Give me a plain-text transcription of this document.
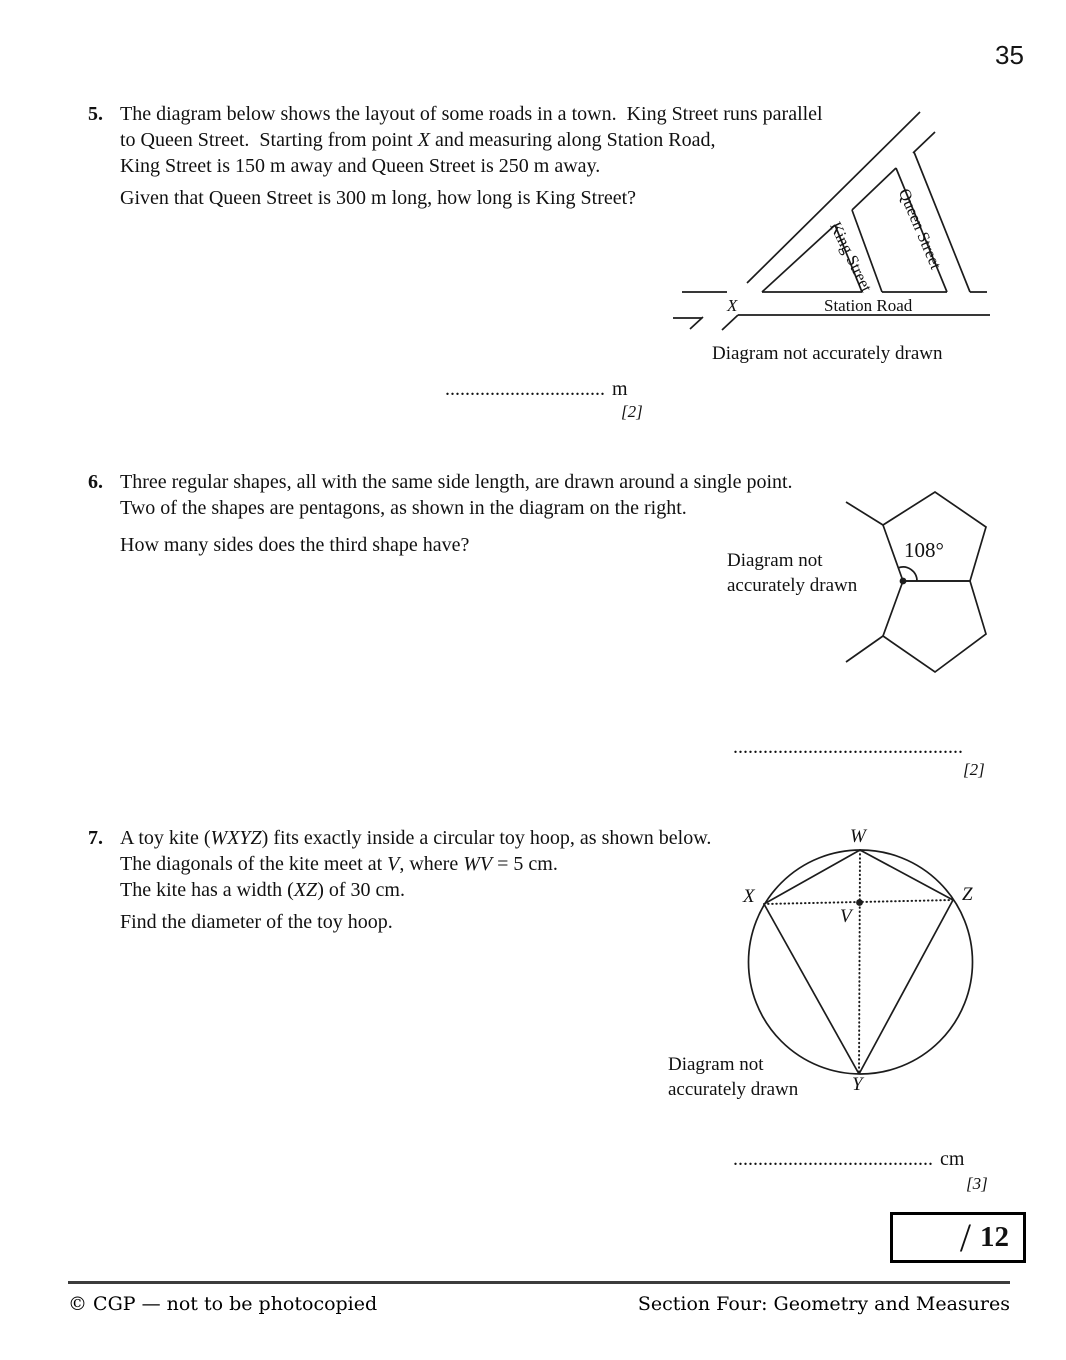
35
5. The diagram below shows the layout of some roads in a town.  King Street runs parallel
to Queen Street.  Starting from point X and measuring along Station Road,
King Street is 150 m away and Queen Street is 250 m away.
Given that Queen Street is 300 m long, how long is King Street?
X	Station Road
King Street Queen Street
Diagram not accurately drawn
................................ m
[2]
6. Three regular shapes, all with the same side length, are drawn around a single point.
Two of the shapes are pentagons, as shown in the diagram on the right.
How many sides does the third shape have?	108°
Diagram not
accurately drawn
..............................................
[2]
7. A toy kite (WXYZ) fits exactly inside a circular toy hoop, as shown below.
The diagonals of the kite meet at V, where WV = 5 cm.
The kite has a width (XZ) of 30 cm.
Find the diameter of the toy hoop.
W
X	Z
Y
V
Diagram not
accurately drawn
........................................ cm
[3]
/ 12
© CGP — not to be photocopied	Section Four: Geometry and Measures
